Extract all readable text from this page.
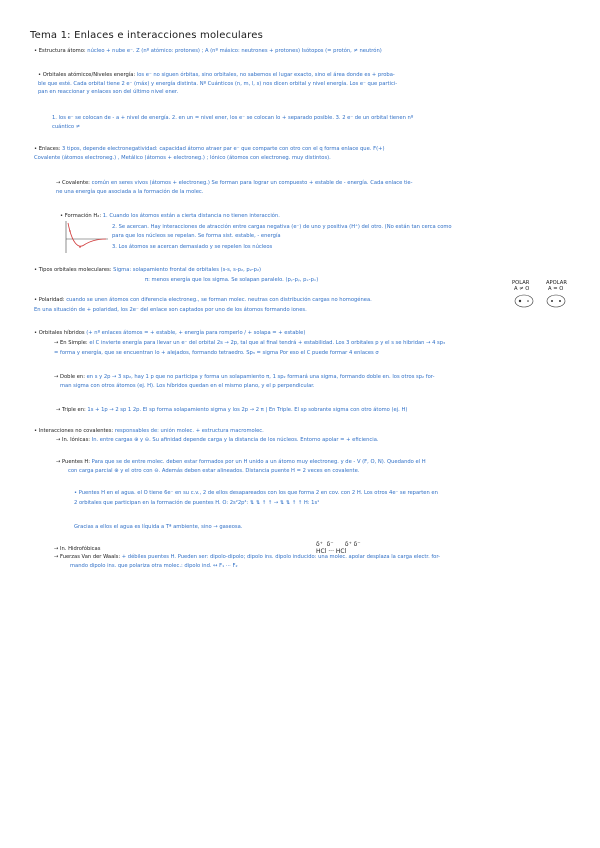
Tema 1: Enlaces e interacciones moleculares
• Estructura átomo: núcleo + nube e⁻. Z (nº atómico: protones) ; A (nº másico: neutrones + protones) Isótopos (= protón, ≠ neutrón)
• Orbitales atómicos/Niveles energía: los e⁻ no siguen órbitas, sino orbitales, no sabemos el lugar exacto, sino el área donde es + proba-
ble que esté. Cada orbital tiene 2 e⁻ (máx) y energía distinta. Nº Cuánticos (n, m, l, s) nos dicen orbital y nivel energía. Los e⁻ que partici-
pan en reaccionar y enlaces son del último nivel ener.
1. los e⁻ se colocan de - a + nivel de energía. 2. en un = nivel ener, los e⁻ se colocan lo + separado posible. 3. 2 e⁻ de un orbital tienen nº
cuántico ≠
• Enlaces: 3 tipos, depende electronegatividad: capacidad átomo atraer par e⁻ que comparte con otro con el q forma enlace que. F(+)
Covalente (átomos electroneg.) , Metálico (átomos + electroneg.) ; Iónico (átomos con electroneg. muy distintos).
→ Covalente: común en seres vivos (átomos + electroneg.) Se forman para lograr un compuesto + estable de - energía. Cada enlace tie-
ne una energía que asociada a la formación de la molec.
• Formación H₂: 1. Cuando los átomos están a cierta distancia no tienen interacción.
2. Se acercan. Hay interacciones de atracción entre cargas negativa (e⁻) de uno y positiva (H⁺) del otro. (No están tan cerca como
para que los núcleos se repelan. Se forma sist. estable, - energía
3. Los átomos se acercan demasiado y se repelen los núcleos
• Tipos orbitales moleculares: Sigma: solapamiento frontal de orbitales (s-s, s-p₂, p₂-p₂)
π: menos energía que los sigma. Se solapan paralelo. (pᵧ-pᵧ, pₓ-pₓ)
• Polaridad: cuando se unen átomos con diferencia electroneg., se forman molec. neutras con distribución cargas no homogénea.
En una situación de + polaridad, los 2e⁻ del enlace son captados por uno de los átomos formando iones.
• Orbitales híbridos (+ nº enlaces átomos = + estable, + energía para romperlo / + solapa = + estable)
→ En Simple: el C invierte energía para llevar un e⁻ del orbital 2s → 2p, tal que al final tendrá + estabilidad. Los 3 orbitales p y el s se hibridan → 4 sp₃
= forma y energía, que se encuentran lo + alejados, formando tetraedro. Sp₃ = sigma Por eso el C puede formar 4 enlaces σ
→ Doble en: en s y 2p → 3 sp₂, hay 1 p que no participa y forma un solapamiento π, 1 sp₂ formará una sigma, formando doble en. los otros sp₂ for-
man sigma con otros átomos (ej. H). Los híbridos quedan en el mismo plano, y el p perpendicular.
→ Triple en: 1s + 1p → 2 sp 1 2p. El sp forma solapamiento sigma y los 2p → 2 π | En Triple. El sp sobrante sigma con otro átomo (ej. H)
• Interacciones no covalentes: responsables de: unión molec. + estructura macromolec.
→ In. Iónicas: In. entre cargas ⊕ y ⊖. Su afinidad depende carga y la distancia de los núcleos. Entorno apolar = + eficiencia.
→ Puentes H: Para que se de entre molec. deben estar formados por un H unido a un átomo muy electroneg. y de - V (F, O, N). Quedando el H
con carga parcial ⊕ y el otro con ⊖. Además deben estar alineados. Distancia puente H = 2 veces en covalente.
• Puentes H en el agua. el O tiene 6e⁻ en su c.v., 2 de ellos desapareados con los que forma 2 en cov. con 2 H. Los otros 4e⁻ se reparten en
2 orbitales que participan en la formación de puentes H. O: 2s²2p⁴: ⇅ ⇅ ↑ ↑ → ⇅ ⇅ ↑ ↑ H: 1s¹
Gracias a ellos el agua es líquida a Tª ambiente, sino → gaseosa.
→ In. Hidrofóbicas
→ Fuerzas Van der Waals: + débiles puentes H. Pueden ser: dipolo-dipolo; dipolo ins. dipolo inducido: una molec. apolar desplaza la carga electr. for-
mando dipolo ins. que polariza otra molec.: dipolo ind. ↔ F₁ ··· F₂
POLAR	APOLAR
A ≠ O	A = O
δ⁺  δ⁻      δ⁺ δ⁻
HCl ··· HCl
